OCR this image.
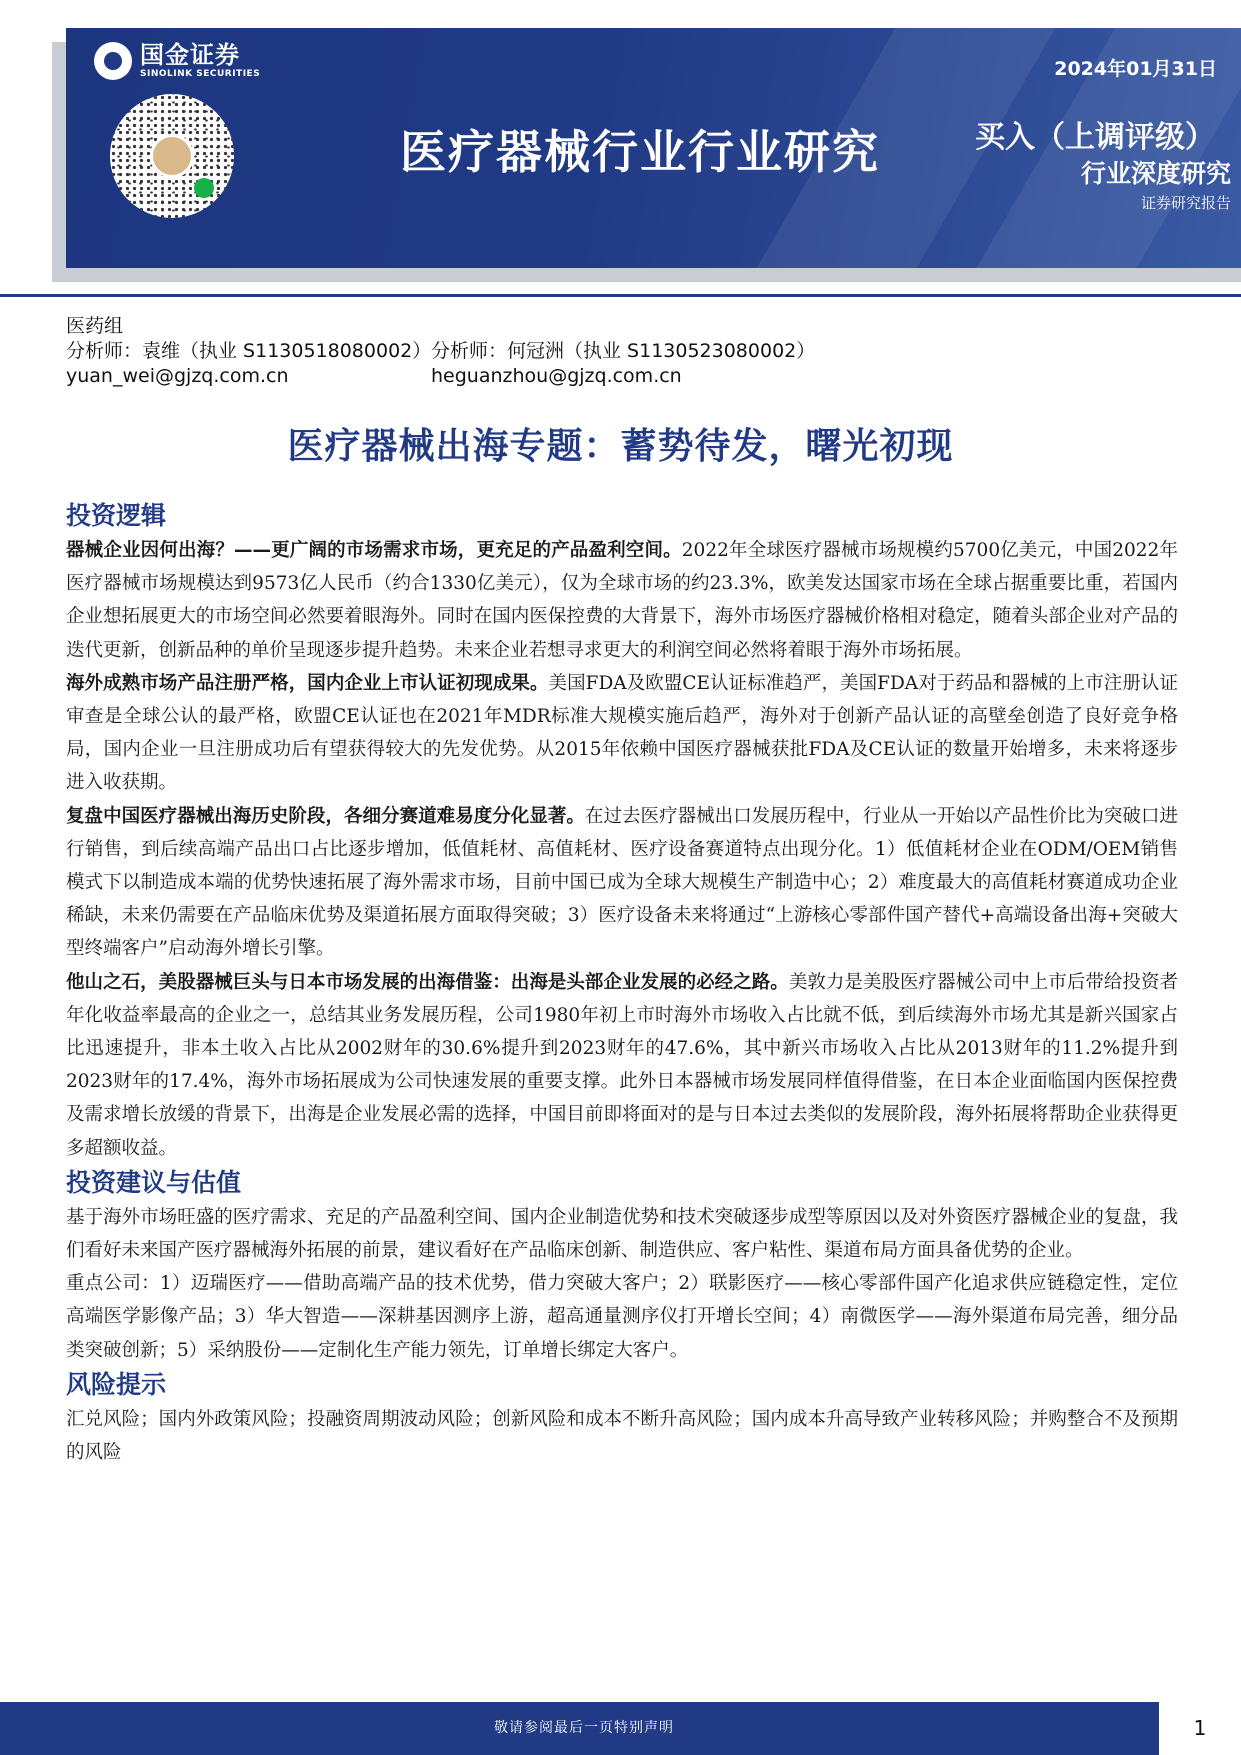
国金证券
SINOLINK SECURITIES
医疗器械行业行业研究
2024年01月31日
买入（上调评级）
行业深度研究
证券研究报告
医药组
分析师：袁维（执业 S1130518080002） 分析师：何冠洲（执业 S1130523080002）
yuan_wei@gjzq.com.cn	heguanzhou@gjzq.com.cn
医疗器械出海专题：蓄势待发，曙光初现
投资逻辑

器械企业因何出海？——更广阔的市场需求市场，更充足的产品盈利空间。2022年全球医疗器械市场规模约5700亿美元，中国2022年医疗器械市场规模达到9573亿人民币（约合1330亿美元），仅为全球市场的约23.3%，欧美发达国家市场在全球占据重要比重，若国内企业想拓展更大的市场空间必然要着眼海外。同时在国内医保控费的大背景下，海外市场医疗器械价格相对稳定，随着头部企业对产品的迭代更新，创新品种的单价呈现逐步提升趋势。未来企业若想寻求更大的利润空间必然将着眼于海外市场拓展。

海外成熟市场产品注册严格，国内企业上市认证初现成果。美国FDA及欧盟CE认证标准趋严，美国FDA对于药品和器械的上市注册认证审查是全球公认的最严格，欧盟CE认证也在2021年MDR标准大规模实施后趋严，海外对于创新产品认证的高壁垒创造了良好竞争格局，国内企业一旦注册成功后有望获得较大的先发优势。从2015年依赖中国医疗器械获批FDA及CE认证的数量开始增多，未来将逐步进入收获期。

复盘中国医疗器械出海历史阶段，各细分赛道难易度分化显著。在过去医疗器械出口发展历程中，行业从一开始以产品性价比为突破口进行销售，到后续高端产品出口占比逐步增加，低值耗材、高值耗材、医疗设备赛道特点出现分化。1）低值耗材企业在ODM/OEM销售模式下以制造成本端的优势快速拓展了海外需求市场，目前中国已成为全球大规模生产制造中心；2）难度最大的高值耗材赛道成功企业稀缺，未来仍需要在产品临床优势及渠道拓展方面取得突破；3）医疗设备未来将通过“上游核心零部件国产替代+高端设备出海+突破大型终端客户”启动海外增长引擎。

他山之石，美股器械巨头与日本市场发展的出海借鉴：出海是头部企业发展的必经之路。美敦力是美股医疗器械公司中上市后带给投资者年化收益率最高的企业之一，总结其业务发展历程，公司1980年初上市时海外市场收入占比就不低，到后续海外市场尤其是新兴国家占比迅速提升，非本土收入占比从2002财年的30.6%提升到2023财年的47.6%，其中新兴市场收入占比从2013财年的11.2%提升到2023财年的17.4%，海外市场拓展成为公司快速发展的重要支撑。此外日本器械市场发展同样值得借鉴，在日本企业面临国内医保控费及需求增长放缓的背景下，出海是企业发展必需的选择，中国目前即将面对的是与日本过去类似的发展阶段，海外拓展将帮助企业获得更多超额收益。

投资建议与估值

基于海外市场旺盛的医疗需求、充足的产品盈利空间、国内企业制造优势和技术突破逐步成型等原因以及对外资医疗器械企业的复盘，我们看好未来国产医疗器械海外拓展的前景，建议看好在产品临床创新、制造供应、客户粘性、渠道布局方面具备优势的企业。

重点公司：1）迈瑞医疗——借助高端产品的技术优势，借力突破大客户；2）联影医疗——核心零部件国产化追求供应链稳定性，定位高端医学影像产品；3）华大智造——深耕基因测序上游，超高通量测序仪打开增长空间；4）南微医学——海外渠道布局完善，细分品类突破创新；5）采纳股份——定制化生产能力领先，订单增长绑定大客户。

风险提示

汇兑风险；国内外政策风险；投融资周期波动风险；创新风险和成本不断升高风险；国内成本升高导致产业转移风险；并购整合不及预期的风险

敬请参阅最后一页特别声明	1
